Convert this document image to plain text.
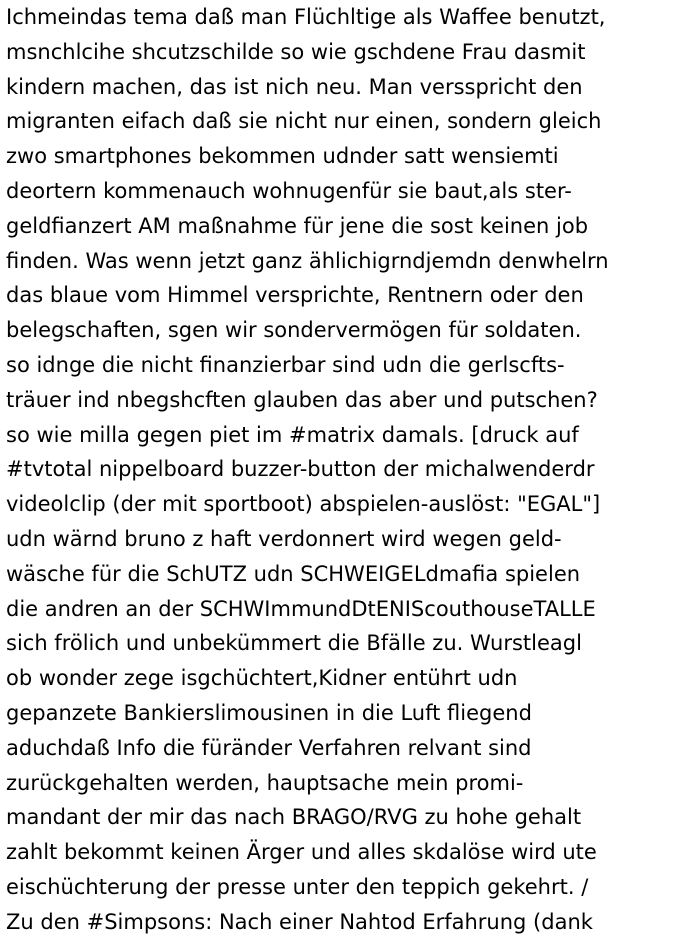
Ichmeindas tema daß man Flüchltige als Waffee benutzt,
msnchlcihe shcutzschilde so wie gschdene Frau dasmit
kindern machen, das ist nich neu. Man versspricht den
migranten eifach daß sie nicht nur einen, sondern gleich
zwo smartphones bekommen udnder satt wensiemti
deortern kommenauch wohnugenfür sie baut,als ster-
geldfianzert AM maßnahme für jene die sost keinen job
finden. Was wenn jetzt ganz ählichigrndjemdn denwhelrn
das blaue vom Himmel versprichte, Rentnern oder den
belegschaften, sgen wir sondervermögen für soldaten.
so idnge die nicht finanzierbar sind udn die gerlscfts-
träuer ind nbegshcften glauben das aber und putschen?
so wie milla gegen piet im #matrix damals. [druck auf
#tvtotal nippelboard buzzer-button der michalwenderdr
videolclip (der mit sportboot) abspielen-auslöst: "EGAL"]
udn wärnd bruno z haft verdonnert wird wegen geld-
wäsche für die SchUTZ udn SCHWEIGELdmafia spielen
die andren an der SCHWImmundDtENIScouthouseTALLE
sich frölich und unbekümmert die Bfälle zu. Wurstleagl
ob wonder zege isgchüchtert,Kidner entührt udn
gepanzete Bankierslimousinen in die Luft fliegend
aduchdaß Info die füränder Verfahren relvant sind
zurückgehalten werden, hauptsache mein promi-
mandant der mir das nach BRAGO/RVG zu hohe gehalt
zahlt bekommt keinen Ärger und alles skdalöse wird ute
eischüchterung der presse unter den teppich gekehrt. /
Zu den #Simpsons: Nach einer Nahtod Erfahrung (dank
